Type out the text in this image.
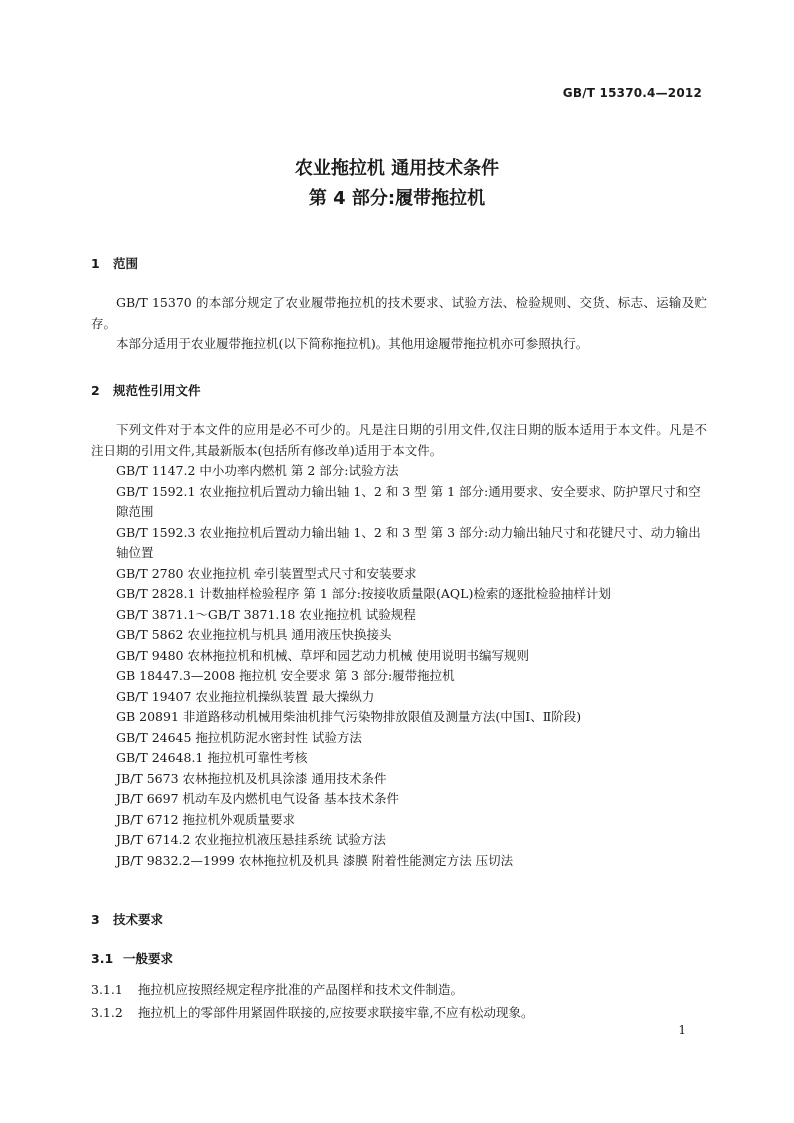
GB/T 15370.4—2012
农业拖拉机 通用技术条件
第 4 部分:履带拖拉机
1 范围
GB/T 15370 的本部分规定了农业履带拖拉机的技术要求、试验方法、检验规则、交货、标志、运输及贮存。
本部分适用于农业履带拖拉机(以下简称拖拉机)。其他用途履带拖拉机亦可参照执行。
2 规范性引用文件
下列文件对于本文件的应用是必不可少的。凡是注日期的引用文件,仅注日期的版本适用于本文件。凡是不注日期的引用文件,其最新版本(包括所有修改单)适用于本文件。
GB/T 1147.2 中小功率内燃机 第 2 部分:试验方法
GB/T 1592.1 农业拖拉机后置动力输出轴 1、2 和 3 型 第 1 部分:通用要求、安全要求、防护罩尺寸和空隙范围
GB/T 1592.3 农业拖拉机后置动力输出轴 1、2 和 3 型 第 3 部分:动力输出轴尺寸和花键尺寸、动力输出轴位置
GB/T 2780 农业拖拉机 牵引装置型式尺寸和安装要求
GB/T 2828.1 计数抽样检验程序 第 1 部分:按接收质量限(AQL)检索的逐批检验抽样计划
GB/T 3871.1～GB/T 3871.18 农业拖拉机 试验规程
GB/T 5862 农业拖拉机与机具 通用液压快换接头
GB/T 9480 农林拖拉机和机械、草坪和园艺动力机械 使用说明书编写规则
GB 18447.3—2008 拖拉机 安全要求 第 3 部分:履带拖拉机
GB/T 19407 农业拖拉机操纵装置 最大操纵力
GB 20891 非道路移动机械用柴油机排气污染物排放限值及测量方法(中国Ⅰ、Ⅱ阶段)
GB/T 24645 拖拉机防泥水密封性 试验方法
GB/T 24648.1 拖拉机可靠性考核
JB/T 5673 农林拖拉机及机具涂漆 通用技术条件
JB/T 6697 机动车及内燃机电气设备 基本技术条件
JB/T 6712 拖拉机外观质量要求
JB/T 6714.2 农业拖拉机液压悬挂系统 试验方法
JB/T 9832.2—1999 农林拖拉机及机具 漆膜 附着性能测定方法 压切法
3 技术要求
3.1 一般要求
3.1.1 拖拉机应按照经规定程序批准的产品图样和技术文件制造。
3.1.2 拖拉机上的零部件用紧固件联接的,应按要求联接牢靠,不应有松动现象。
1
